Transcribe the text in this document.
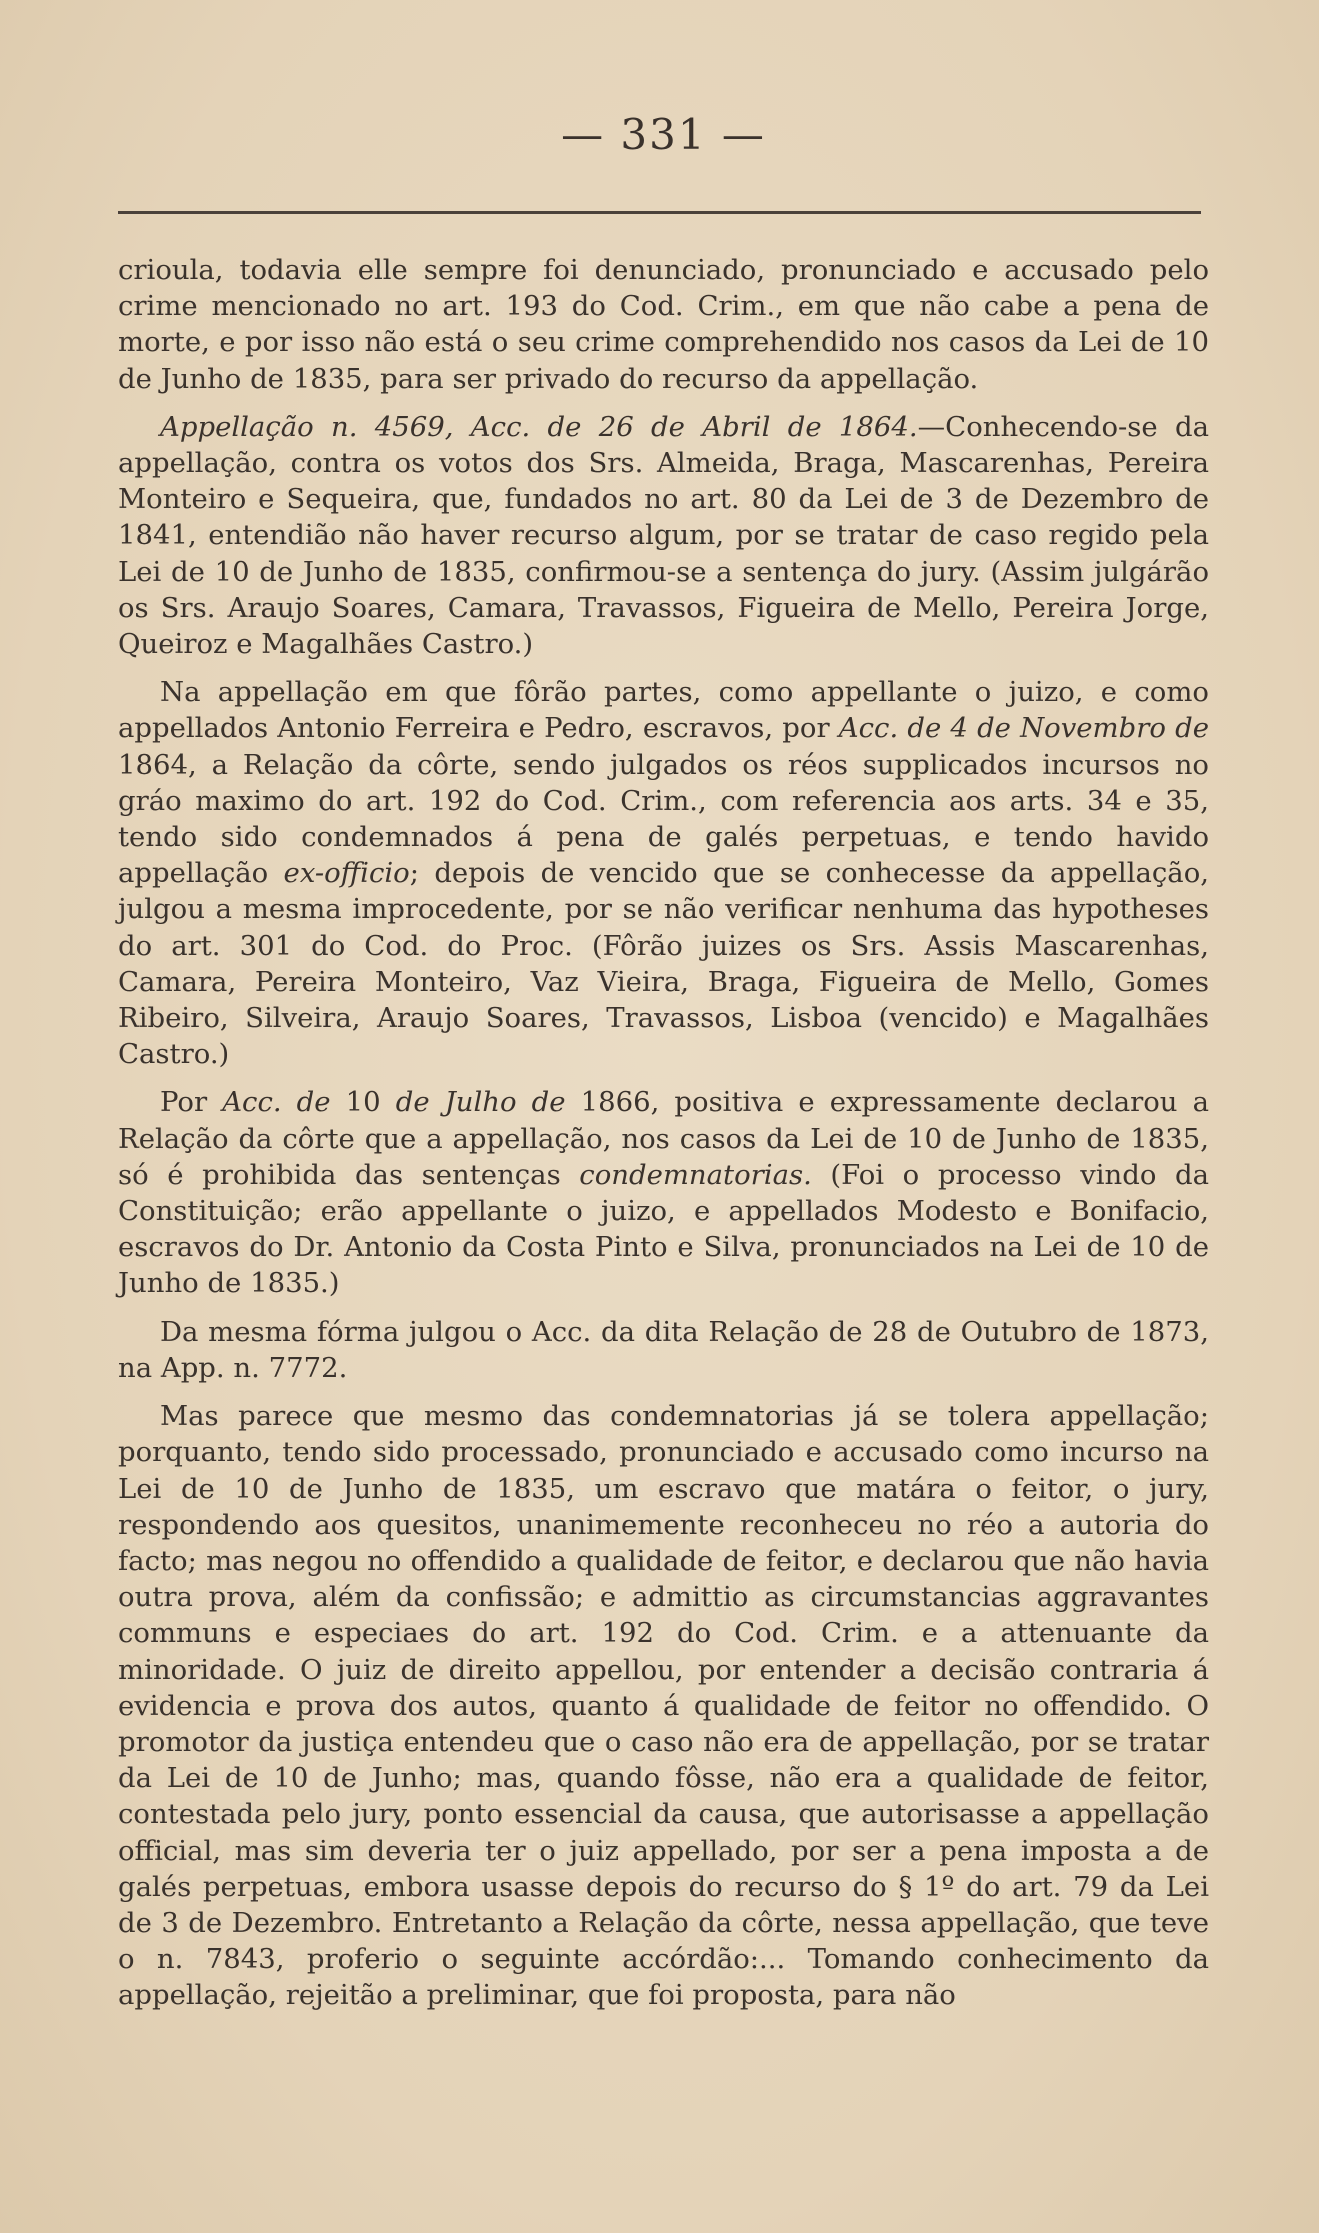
— 331 —

crioula, todavia elle sempre foi denunciado, pronunciado e accusado pelo crime mencionado no art. 193 do Cod. Crim., em que não cabe a pena de morte, e por isso não está o seu crime comprehendido nos casos da Lei de 10 de Junho de 1835, para ser privado do recurso da appellação.

Appellação n. 4569, Acc. de 26 de Abril de 1864.—Conhecendo-se da appellação, contra os votos dos Srs. Almeida, Braga, Mascarenhas, Pereira Monteiro e Sequeira, que, fundados no art. 80 da Lei de 3 de Dezembro de 1841, entendião não haver recurso algum, por se tratar de caso regido pela Lei de 10 de Junho de 1835, confirmou-se a sentença do jury. (Assim julgárão os Srs. Araujo Soares, Camara, Travassos, Figueira de Mello, Pereira Jorge, Queiroz e Magalhães Castro.)

Na appellação em que fôrão partes, como appellante o juizo, e como appellados Antonio Ferreira e Pedro, escravos, por Acc. de 4 de Novembro de 1864, a Relação da côrte, sendo julgados os réos supplicados incursos no gráo maximo do art. 192 do Cod. Crim., com referencia aos arts. 34 e 35, tendo sido condemnados á pena de galés perpetuas, e tendo havido appellação ex-officio; depois de vencido que se conhecesse da appellação, julgou a mesma improcedente, por se não verificar nenhuma das hypotheses do art. 301 do Cod. do Proc. (Fôrão juizes os Srs. Assis Mascarenhas, Camara, Pereira Monteiro, Vaz Vieira, Braga, Figueira de Mello, Gomes Ribeiro, Silveira, Araujo Soares, Travassos, Lisboa (vencido) e Magalhães Castro.)

Por Acc. de 10 de Julho de 1866, positiva e expressamente declarou a Relação da côrte que a appellação, nos casos da Lei de 10 de Junho de 1835, só é prohibida das sentenças condemnatorias. (Foi o processo vindo da Constituição; erão appellante o juizo, e appellados Modesto e Bonifacio, escravos do Dr. Antonio da Costa Pinto e Silva, pronunciados na Lei de 10 de Junho de 1835.)

Da mesma fórma julgou o Acc. da dita Relação de 28 de Outubro de 1873, na App. n. 7772.

Mas parece que mesmo das condemnatorias já se tolera appellação; porquanto, tendo sido processado, pronunciado e accusado como incurso na Lei de 10 de Junho de 1835, um escravo que matára o feitor, o jury, respondendo aos quesitos, unanimemente reconheceu no réo a autoria do facto; mas negou no offendido a qualidade de feitor, e declarou que não havia outra prova, além da confissão; e admittio as circumstancias aggravantes communs e especiaes do art. 192 do Cod. Crim. e a attenuante da minoridade. O juiz de direito appellou, por entender a decisão contraria á evidencia e prova dos autos, quanto á qualidade de feitor no offendido. O promotor da justiça entendeu que o caso não era de appellação, por se tratar da Lei de 10 de Junho; mas, quando fôsse, não era a qualidade de feitor, contestada pelo jury, ponto essencial da causa, que autorisasse a appellação official, mas sim deveria ter o juiz appellado, por ser a pena imposta a de galés perpetuas, embora usasse depois do recurso do § 1º do art. 79 da Lei de 3 de Dezembro. Entretanto a Relação da côrte, nessa appellação, que teve o n. 7843, proferio o seguinte accórdão:... Tomando conhecimento da appellação, rejeitão a preliminar, que foi proposta, para não
